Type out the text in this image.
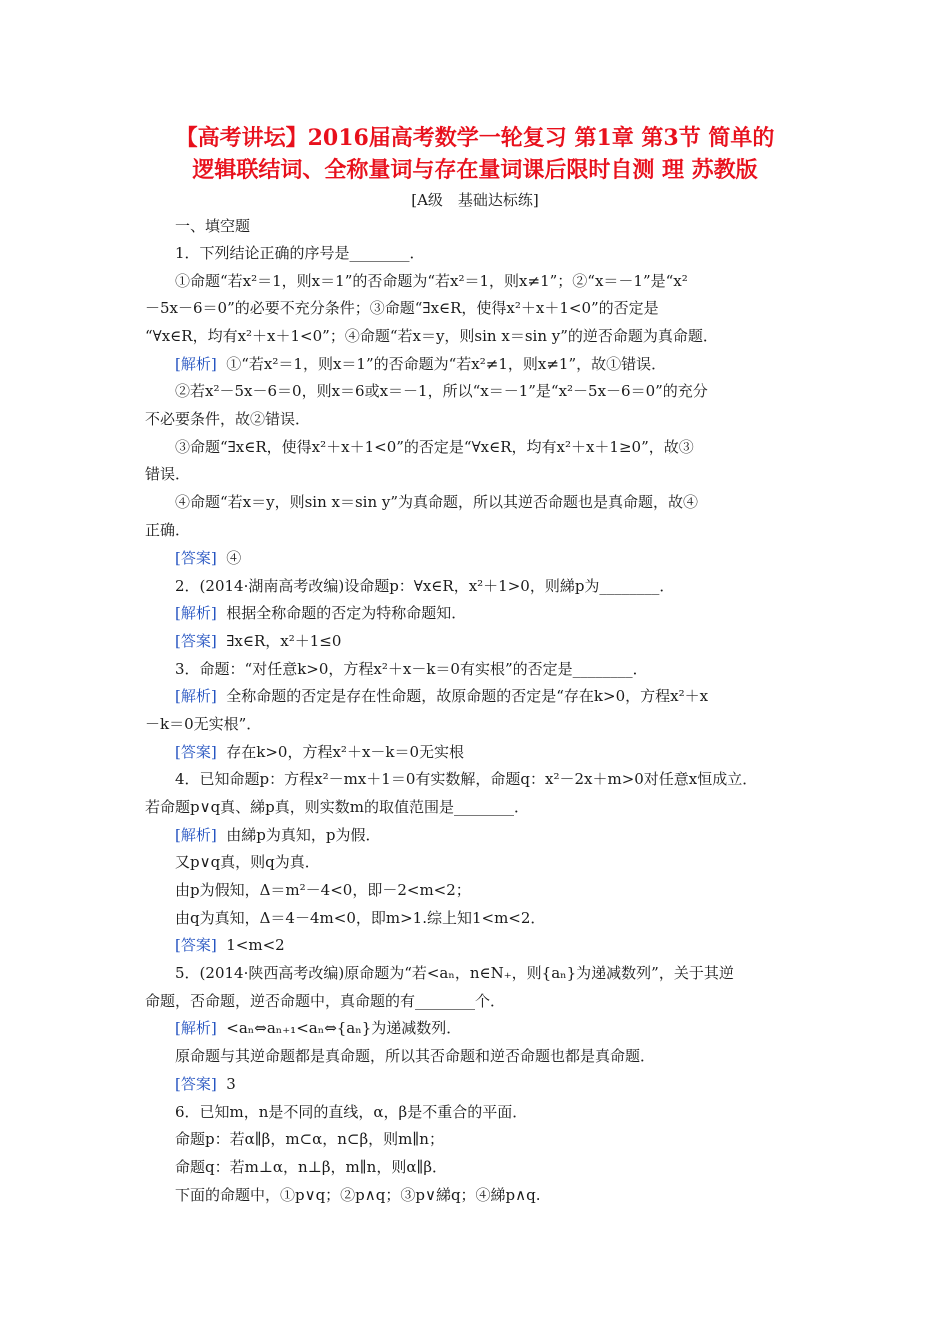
【高考讲坛】2016届高考数学一轮复习 第1章 第3节 简单的
逻辑联结词、全称量词与存在量词课后限时自测 理 苏教版
[A级　基础达标练]
一、填空题
1．下列结论正确的序号是________．
①命题“若x²＝1，则x＝1”的否命题为“若x²＝1，则x≠1”；②“x＝－1”是“x²
－5x－6＝0”的必要不充分条件；③命题“∃x∈R，使得x²＋x＋1<0”的否定是
“∀x∈R，均有x²＋x＋1<0”；④命题“若x＝y，则sin x＝sin y”的逆否命题为真命题．
[解析] ①“若x²＝1，则x＝1”的否命题为“若x²≠1，则x≠1”，故①错误．
②若x²－5x－6＝0，则x＝6或x＝－1，所以“x＝－1”是“x²－5x－6＝0”的充分
不必要条件，故②错误．
③命题“∃x∈R，使得x²＋x＋1<0”的否定是“∀x∈R，均有x²＋x＋1≥0”，故③
错误．
④命题“若x＝y，则sin x＝sin y”为真命题，所以其逆否命题也是真命题，故④
正确．
[答案] ④
2．(2014·湖南高考改编)设命题p：∀x∈R，x²＋1>0，则綈p为________．
[解析] 根据全称命题的否定为特称命题知．
[答案] ∃x∈R，x²＋1≤0
3．命题：“对任意k>0，方程x²＋x－k＝0有实根”的否定是________．
[解析] 全称命题的否定是存在性命题，故原命题的否定是“存在k>0，方程x²＋x
－k＝0无实根”．
[答案] 存在k>0，方程x²＋x－k＝0无实根
4．已知命题p：方程x²－mx＋1＝0有实数解，命题q：x²－2x＋m>0对任意x恒成立．
若命题p∨q真、綈p真，则实数m的取值范围是________．
[解析] 由綈p为真知，p为假．
又p∨q真，则q为真．
由p为假知，Δ＝m²－4<0，即－2<m<2；
由q为真知，Δ＝4－4m<0，即m>1.综上知1<m<2．
[答案] 1<m<2
5．(2014·陕西高考改编)原命题为“若<aₙ，n∈N₊，则{aₙ}为递减数列”，关于其逆
命题，否命题，逆否命题中，真命题的有________个．
[解析] <aₙ⇔aₙ₊₁<aₙ⇔{aₙ}为递减数列．
原命题与其逆命题都是真命题，所以其否命题和逆否命题也都是真命题．
[答案] 3
6．已知m，n是不同的直线，α，β是不重合的平面．
命题p：若α∥β，m⊂α，n⊂β，则m∥n；
命题q：若m⊥α，n⊥β，m∥n，则α∥β．
下面的命题中，①p∨q；②p∧q；③p∨綈q；④綈p∧q.
